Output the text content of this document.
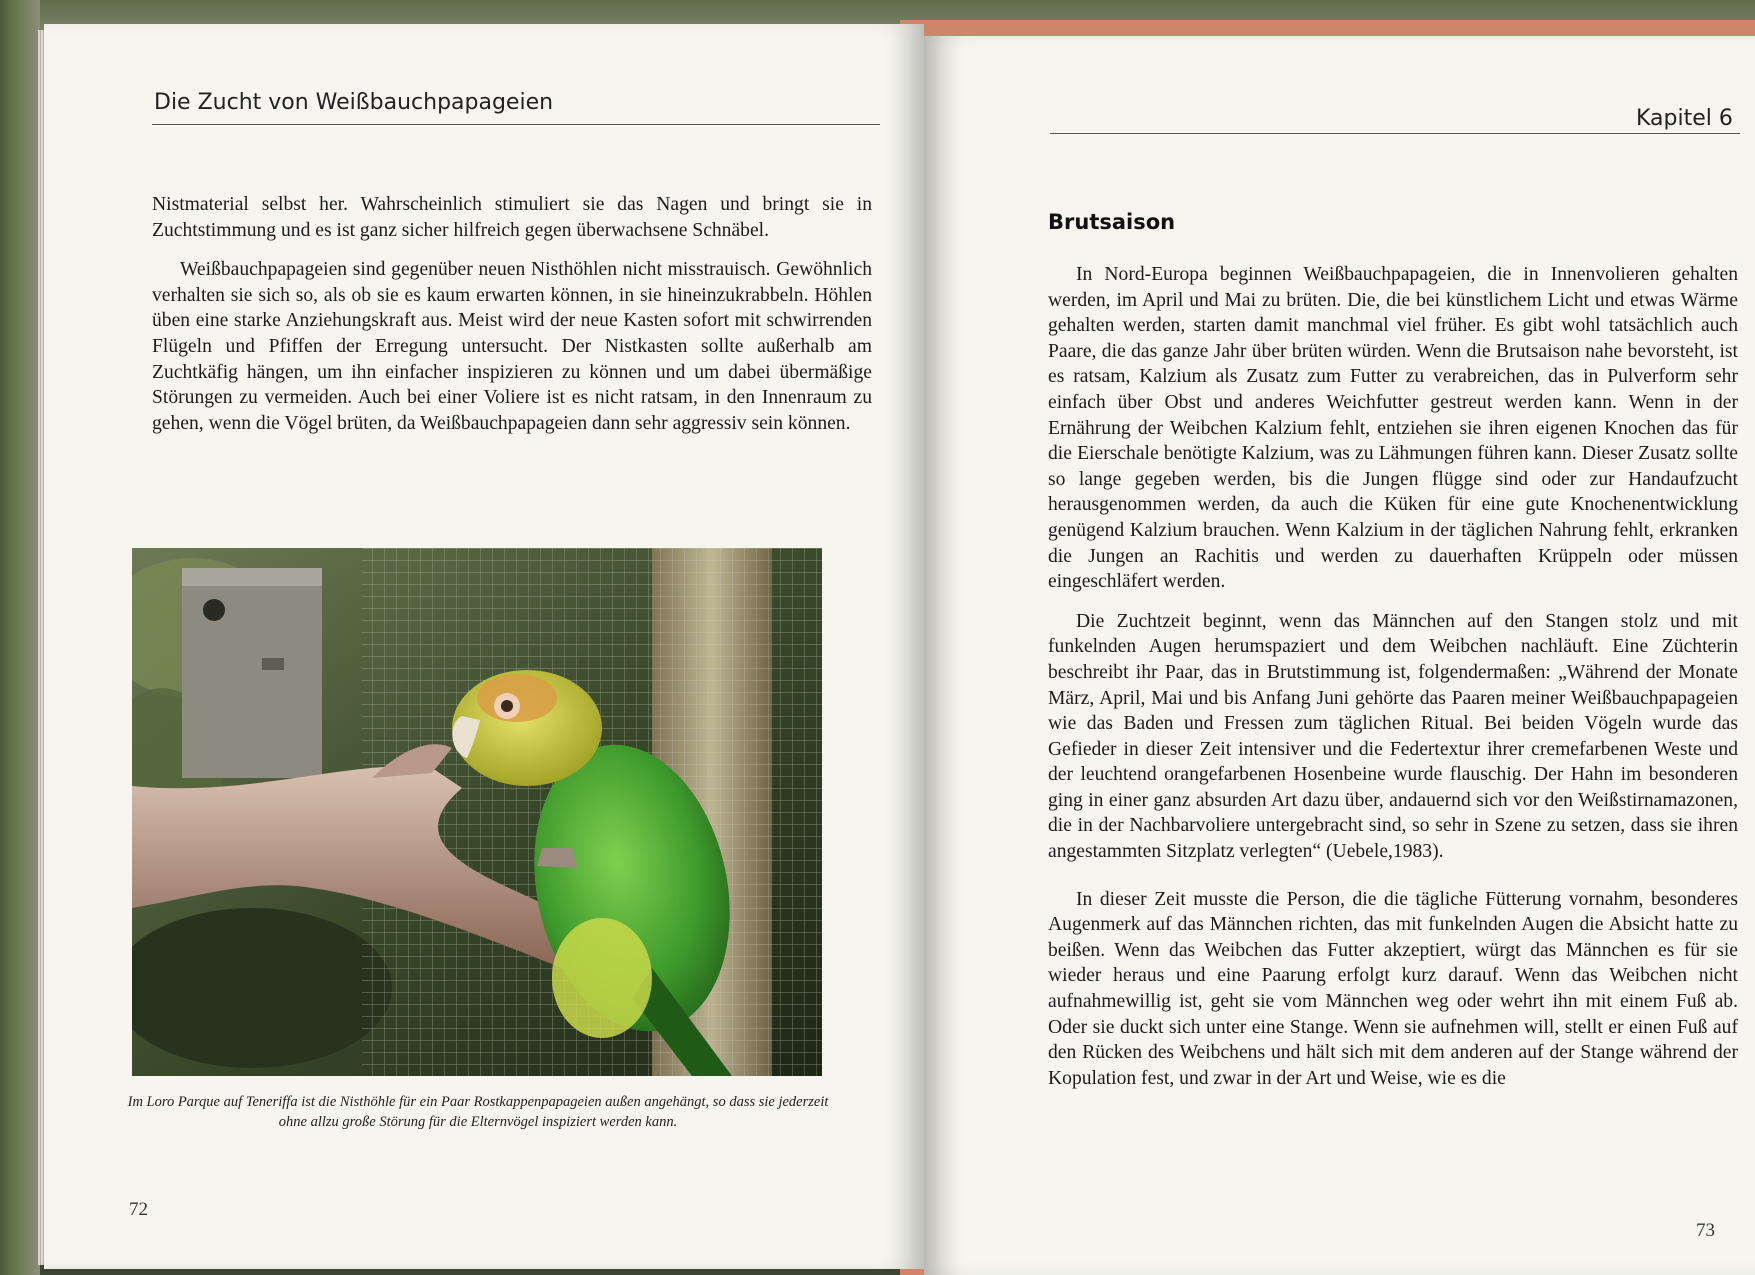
Die Zucht von Weißbauchpapageien

Nistmaterial selbst her. Wahrscheinlich stimuliert sie das Nagen und bringt sie in Zuchtstimmung und es ist ganz sicher hilfreich gegen überwachsene Schnäbel.

Weißbauchpapageien sind gegenüber neuen Nisthöhlen nicht misstrauisch. Gewöhnlich verhalten sie sich so, als ob sie es kaum erwarten können, in sie hineinzukrabbeln. Höhlen üben eine starke Anziehungskraft aus. Meist wird der neue Kasten sofort mit schwirrenden Flügeln und Pfiffen der Erregung untersucht. Der Nistkasten sollte außerhalb am Zuchtkäfig hängen, um ihn einfacher inspizieren zu können und um dabei übermäßige Störungen zu vermeiden. Auch bei einer Voliere ist es nicht ratsam, in den Innenraum zu gehen, wenn die Vögel brüten, da Weißbauchpapageien dann sehr aggressiv sein können.

Im Loro Parque auf Teneriffa ist die Nisthöhle für ein Paar Rostkappenpapageien außen angehängt, so dass sie jederzeit ohne allzu große Störung für die Elternvögel inspiziert werden kann.
72
Kapitel 6
Brutsaison

In Nord-Europa beginnen Weißbauchpapageien, die in Innenvolieren gehalten werden, im April und Mai zu brüten. Die, die bei künstlichem Licht und etwas Wärme gehalten werden, starten damit manchmal viel früher. Es gibt wohl tatsächlich auch Paare, die das ganze Jahr über brüten würden. Wenn die Brutsaison nahe bevorsteht, ist es ratsam, Kalzium als Zusatz zum Futter zu verabreichen, das in Pulverform sehr einfach über Obst und anderes Weichfutter gestreut werden kann. Wenn in der Ernährung der Weibchen Kalzium fehlt, entziehen sie ihren eigenen Knochen das für die Eierschale benötigte Kalzium, was zu Lähmungen führen kann. Dieser Zusatz sollte so lange gegeben werden, bis die Jungen flügge sind oder zur Handaufzucht herausgenommen werden, da auch die Küken für eine gute Knochenentwicklung genügend Kalzium brauchen. Wenn Kalzium in der täglichen Nahrung fehlt, erkranken die Jungen an Rachitis und werden zu dauerhaften Krüppeln oder müssen eingeschläfert werden.

Die Zuchtzeit beginnt, wenn das Männchen auf den Stangen stolz und mit funkelnden Augen herumspaziert und dem Weibchen nachläuft. Eine Züchterin beschreibt ihr Paar, das in Brutstimmung ist, folgendermaßen: „Während der Monate März, April, Mai und bis Anfang Juni gehörte das Paaren meiner Weißbauchpapageien wie das Baden und Fressen zum täglichen Ritual. Bei beiden Vögeln wurde das Gefieder in dieser Zeit intensiver und die Federtextur ihrer cremefarbenen Weste und der leuchtend orangefarbenen Hosenbeine wurde flauschig. Der Hahn im besonderen ging in einer ganz absurden Art dazu über, andauernd sich vor den Weißstirnamazonen, die in der Nachbarvoliere untergebracht sind, so sehr in Szene zu setzen, dass sie ihren angestammten Sitzplatz verlegten“ (Uebele,1983).

In dieser Zeit musste die Person, die die tägliche Fütterung vornahm, besonderes Augenmerk auf das Männchen richten, das mit funkelnden Augen die Absicht hatte zu beißen. Wenn das Weibchen das Futter akzeptiert, würgt das Männchen es für sie wieder heraus und eine Paarung erfolgt kurz darauf. Wenn das Weibchen nicht aufnahmewillig ist, geht sie vom Männchen weg oder wehrt ihn mit einem Fuß ab. Oder sie duckt sich unter eine Stange. Wenn sie aufnehmen will, stellt er einen Fuß auf den Rücken des Weibchens und hält sich mit dem anderen auf der Stange während der Kopulation fest, und zwar in der Art und Weise, wie es die

73
